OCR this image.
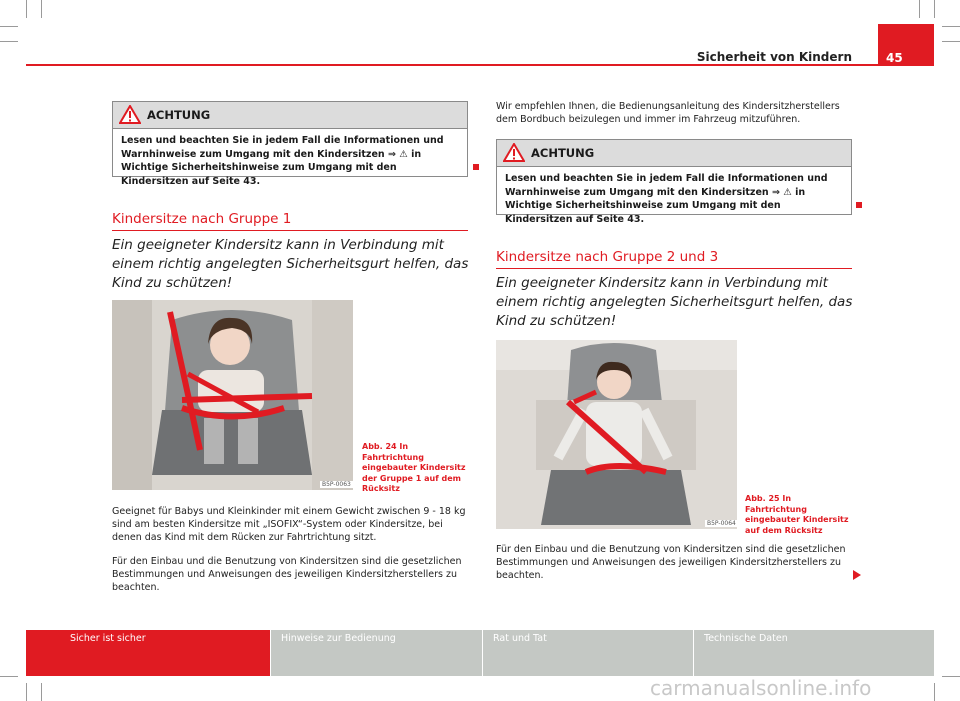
Sicherheit von Kindern	45
ACHTUNG
Lesen und beachten Sie in jedem Fall die Informationen und Warnhinweise zum Umgang mit den Kindersitzen ⇒ ⚠ in Wichtige Sicherheitshinweise zum Umgang mit den Kindersitzen auf Seite 43.
Kindersitze nach Gruppe 1
Ein geeigneter Kindersitz kann in Verbindung mit einem richtig angelegten Sicherheitsgurt helfen, das Kind zu schützen!
B5P-0063
Abb. 24 In Fahrtrichtung eingebauter Kindersitz der Gruppe 1 auf dem Rücksitz
Geeignet für Babys und Kleinkinder mit einem Gewicht zwischen 9 - 18 kg sind am besten Kindersitze mit „ISOFIX“-System oder Kindersitze, bei denen das Kind mit dem Rücken zur Fahrtrichtung sitzt.
Für den Einbau und die Benutzung von Kindersitzen sind die gesetzlichen Bestimmungen und Anweisungen des jeweiligen Kindersitzherstellers zu beachten.
Wir empfehlen Ihnen, die Bedienungsanleitung des Kindersitzherstellers dem Bordbuch beizulegen und immer im Fahrzeug mitzuführen.
ACHTUNG
Lesen und beachten Sie in jedem Fall die Informationen und Warnhinweise zum Umgang mit den Kindersitzen ⇒ ⚠ in Wichtige Sicherheitshinweise zum Umgang mit den Kindersitzen auf Seite 43.
Kindersitze nach Gruppe 2 und 3
Ein geeigneter Kindersitz kann in Verbindung mit einem richtig angelegten Sicherheitsgurt helfen, das Kind zu schützen!
B5P-0064
Abb. 25 In Fahrtrichtung eingebauter Kindersitz auf dem Rücksitz
Für den Einbau und die Benutzung von Kindersitzen sind die gesetzlichen Bestimmungen und Anweisungen des jeweiligen Kindersitzherstellers zu beachten.
Sicher ist sicher	Hinweise zur Bedienung	Rat und Tat	Technische Daten
carmanualsonline.info
